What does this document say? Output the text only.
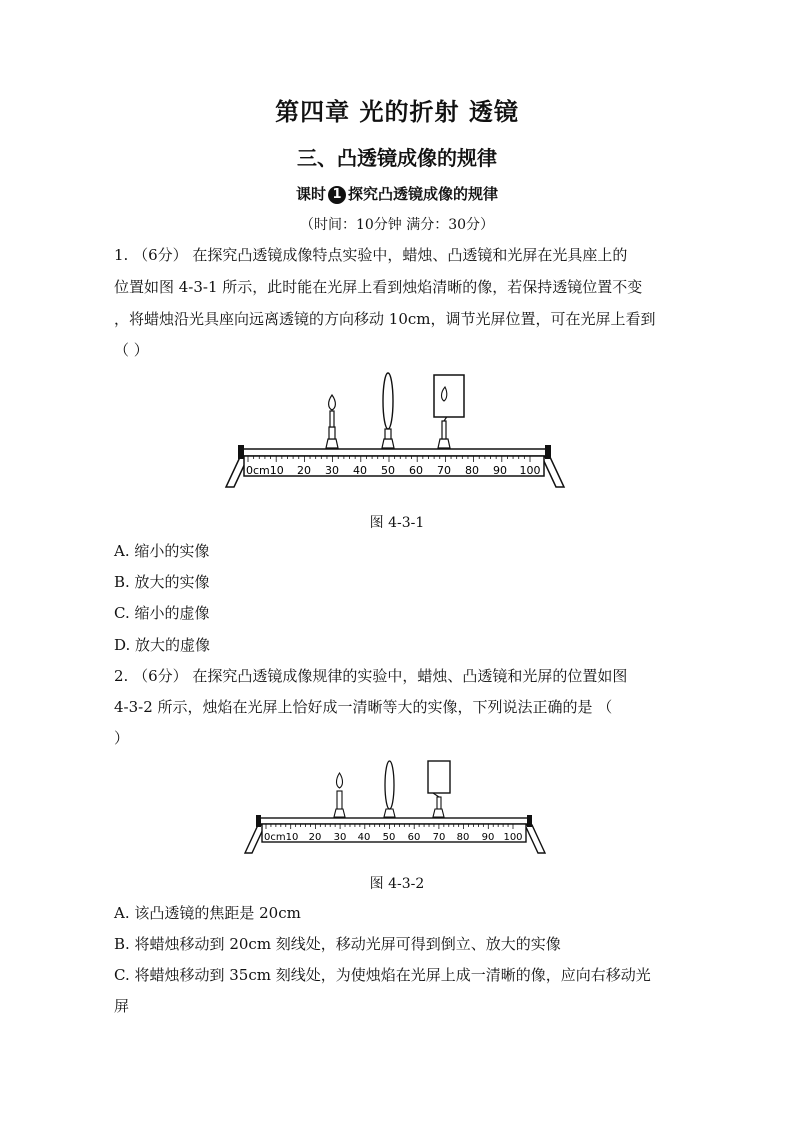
第四章 光的折射 透镜
三、凸透镜成像的规律
课时 1 探究凸透镜成像的规律
（时间：10分钟 满分：30分）
1. （6分） 在探究凸透镜成像特点实验中，蜡烛、凸透镜和光屏在光具座上的
位置如图 4-3-1 所示，此时能在光屏上看到烛焰清晰的像，若保持透镜位置不变
，将蜡烛沿光具座向远离透镜的方向移动 10cm，调节光屏位置，可在光屏上看到
（ ）
0cm10 20 30 40 50 60 70 80 90 100
图 4-3-1
A. 缩小的实像
B. 放大的实像
C. 缩小的虚像
D. 放大的虚像
2. （6分） 在探究凸透镜成像规律的实验中，蜡烛、凸透镜和光屏的位置如图
4-3-2 所示，烛焰在光屏上恰好成一清晰等大的实像，下列说法正确的是 （
）
0cm10 20 30 40 50 60 70 80 90 100
图 4-3-2
A. 该凸透镜的焦距是 20cm
B. 将蜡烛移动到 20cm 刻线处，移动光屏可得到倒立、放大的实像
C. 将蜡烛移动到 35cm 刻线处，为使烛焰在光屏上成一清晰的像，应向右移动光
屏
